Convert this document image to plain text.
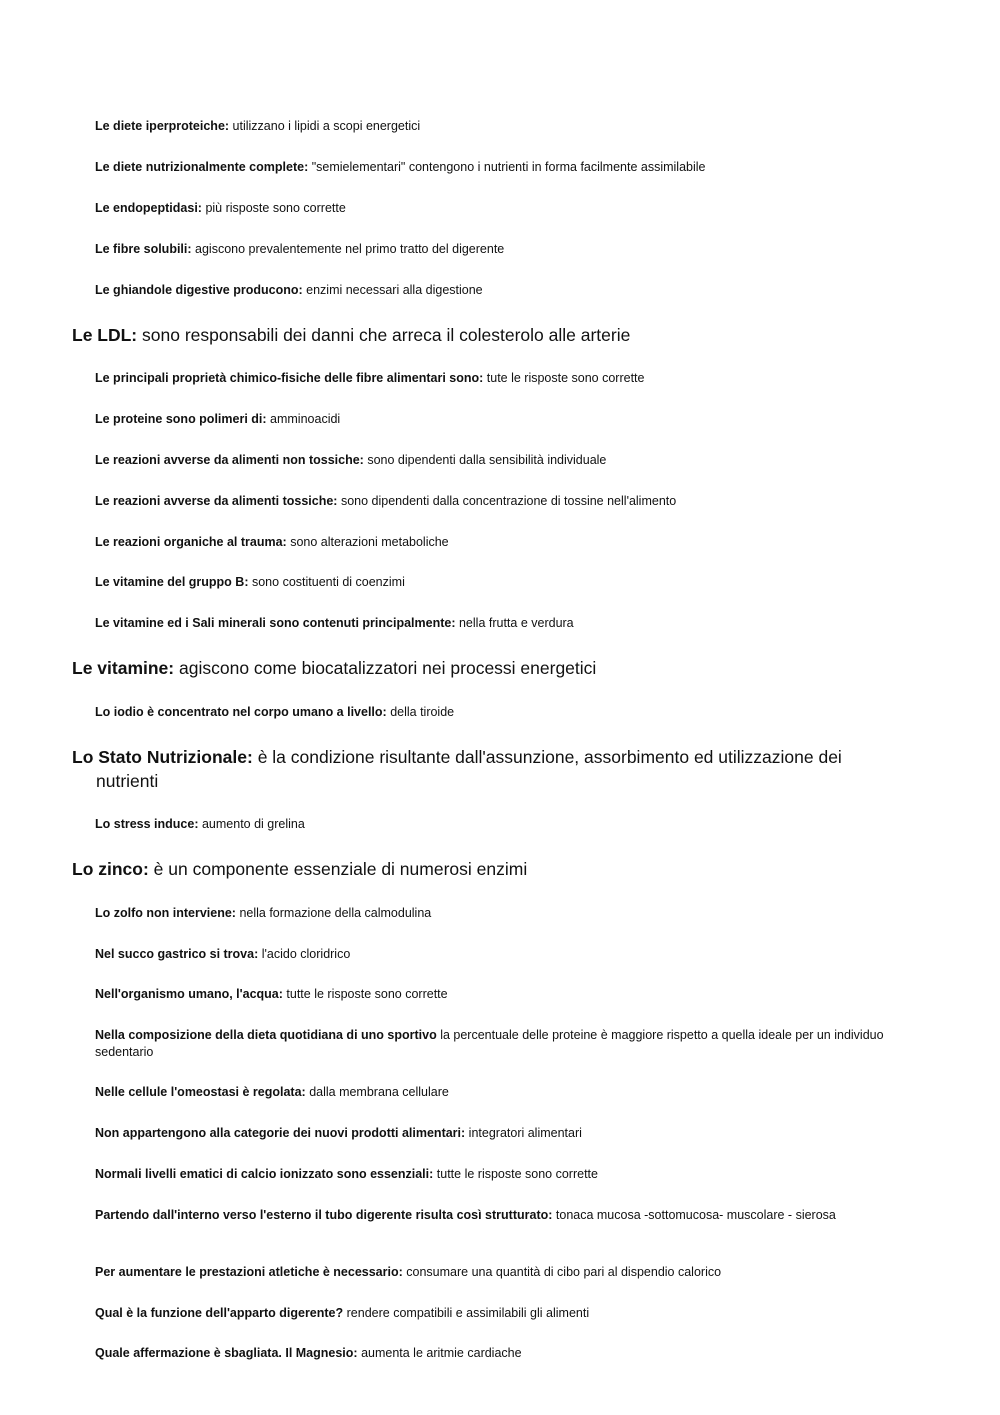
Le diete iperproteiche: utilizzano i lipidi a scopi energetici

Le diete nutrizionalmente complete: "semielementari" contengono i nutrienti in forma facilmente assimilabile

Le endopeptidasi: più risposte sono corrette

Le fibre solubili: agiscono prevalentemente nel primo tratto del digerente

Le ghiandole digestive producono: enzimi necessari alla digestione

Le LDL: sono responsabili dei danni che arreca il colesterolo alle arterie

Le principali proprietà chimico-fisiche delle fibre alimentari sono: tute le risposte sono corrette

Le proteine sono polimeri di: amminoacidi

Le reazioni avverse da alimenti non tossiche: sono dipendenti dalla sensibilità individuale

Le reazioni avverse da alimenti tossiche: sono dipendenti dalla concentrazione di tossine nell'alimento

Le reazioni organiche al trauma: sono alterazioni metaboliche

Le vitamine del gruppo B: sono costituenti di coenzimi

Le vitamine ed i Sali minerali sono contenuti principalmente: nella frutta e verdura

Le vitamine: agiscono come biocatalizzatori nei processi energetici

Lo iodio è concentrato nel corpo umano a livello: della tiroide

Lo Stato Nutrizionale: è la condizione risultante dall'assunzione, assorbimento ed utilizzazione dei nutrienti

Lo stress induce: aumento di grelina

Lo zinco: è un componente essenziale di numerosi enzimi

Lo zolfo non interviene: nella formazione della calmodulina

Nel succo gastrico si trova: l'acido cloridrico

Nell'organismo umano, l'acqua: tutte le risposte sono corrette

Nella composizione della dieta quotidiana di uno sportivo la percentuale delle proteine è maggiore rispetto a quella ideale per un individuo sedentario

Nelle cellule l'omeostasi è regolata: dalla membrana cellulare

Non appartengono alla categorie dei nuovi prodotti alimentari: integratori alimentari

Normali livelli ematici di calcio ionizzato sono essenziali: tutte le risposte sono corrette

Partendo dall'interno verso l'esterno il tubo digerente risulta così strutturato: tonaca mucosa -sottomucosa- muscolare - sierosa

Per aumentare le prestazioni atletiche è necessario: consumare una quantità di cibo pari al dispendio calorico

Qual è la funzione dell'apparto digerente? rendere compatibili e assimilabili gli alimenti

Quale affermazione è sbagliata. Il Magnesio: aumenta le aritmie cardiache
